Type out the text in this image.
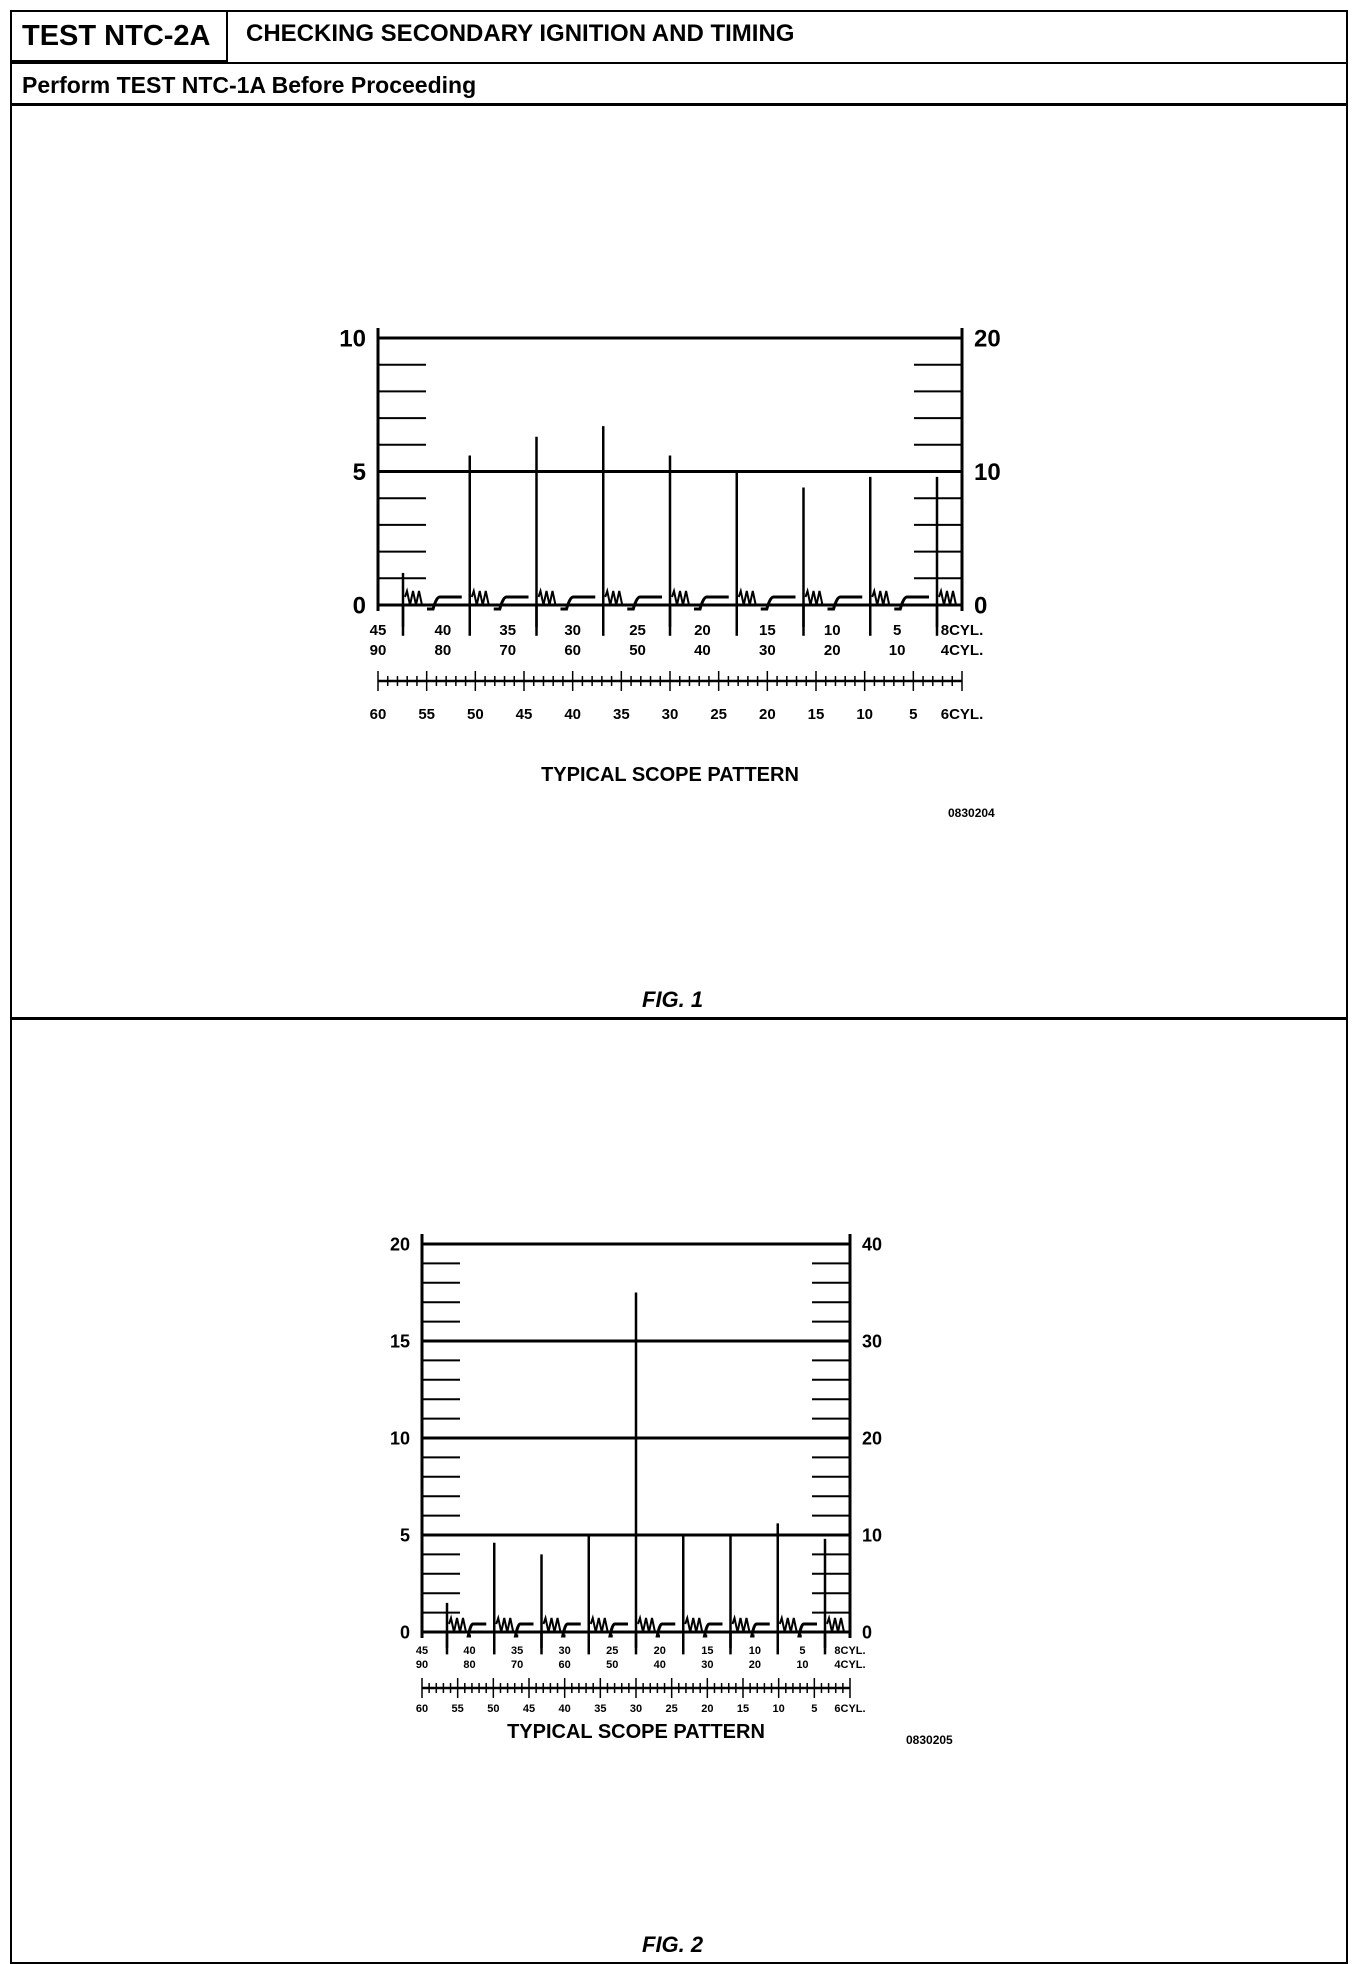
TEST NTC-2A	CHECKING SECONDARY IGNITION AND TIMING
Perform TEST NTC-1A Before Proceeding
10	20
5	10
0	0
45
90
40
80
35
70
30
60
25
50
20
40
15
30
10
20
5
10
8CYL.
4CYL.
60 55 50 45 40 35 30 25 20 15 10 5 6CYL.
TYPICAL SCOPE PATTERN
0830204
20	40
15	30
10	20
5	10
0	0
45
90
40
80
35
70
30
60
25
50
20
40
15
30
10
20
5
10
8CYL.
4CYL.
60 55 50 45 40 35 30 25 20 15 10 5 6CYL.
TYPICAL SCOPE PATTERN	0830205
FIG. 1
FIG. 2
